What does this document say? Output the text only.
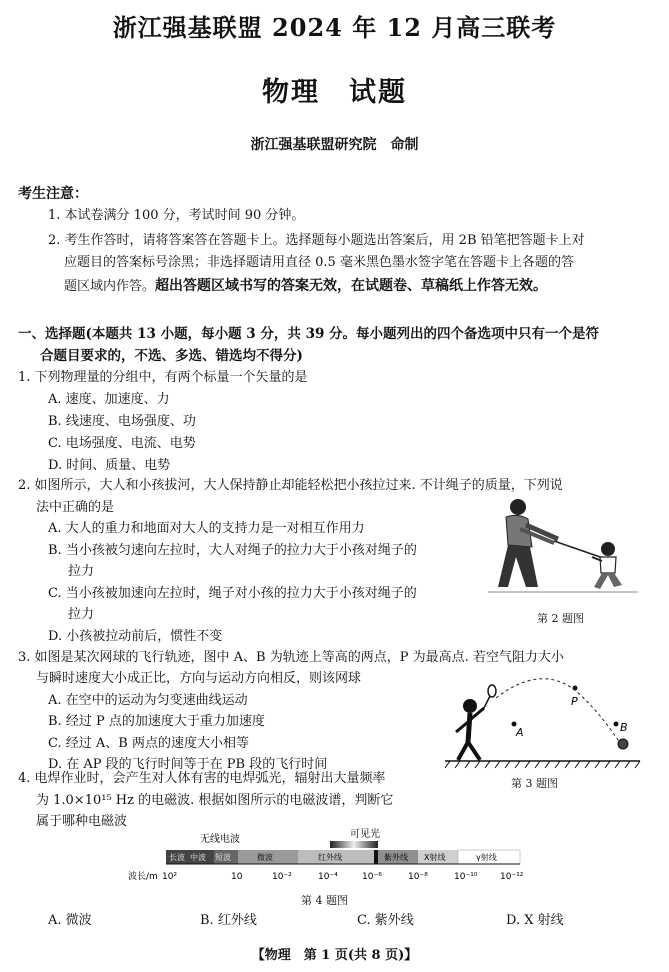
浙江强基联盟 2024 年 12 月高三联考
物理　试题
浙江强基联盟研究院　命制
考生注意：
1. 本试卷满分 100 分，考试时间 90 分钟。
2. 考生作答时，请将答案答在答题卡上。选择题每小题选出答案后，用 2B 铅笔把答题卡上对
应题目的答案标号涂黑；非选择题请用直径 0.5 毫米黑色墨水签字笔在答题卡上各题的答
题区域内作答。超出答题区域书写的答案无效，在试题卷、草稿纸上作答无效。
一、选择题(本题共 13 小题，每小题 3 分，共 39 分。每小题列出的四个备选项中只有一个是符
合题目要求的，不选、多选、错选均不得分)
1. 下列物理量的分组中，有两个标量一个矢量的是
A. 速度、加速度、力
B. 线速度、电场强度、功
C. 电场强度、电流、电势
D. 时间、质量、电势
2. 如图所示，大人和小孩拔河，大人保持静止却能轻松把小孩拉过来. 不计绳子的质量，下列说
法中正确的是
A. 大人的重力和地面对大人的支持力是一对相互作用力
B. 当小孩被匀速向左拉时，大人对绳子的拉力大于小孩对绳子的
拉力
C. 当小孩被加速向左拉时，绳子对小孩的拉力大于小孩对绳子的
拉力
D. 小孩被拉动前后，惯性不变
第 2 题图
3. 如图是某次网球的飞行轨迹，图中 A、B 为轨迹上等高的两点，P 为最高点. 若空气阻力大小
与瞬时速度大小成正比，方向与运动方向相反，则该网球
A. 在空中的运动为匀变速曲线运动
B. 经过 P 点的加速度大于重力加速度
C. 经过 A、B 两点的速度大小相等
D. 在 AP 段的飞行时间等于在 PB 段的飞行时间
A
P
B
第 3 题图
4. 电焊作业时，会产生对人体有害的电焊弧光，辐射出大量频率
为 1.0×10¹⁵ Hz 的电磁波. 根据如图所示的电磁波谱，判断它
属于哪种电磁波
无线电波	可见光
长波 中波 短波	微波	红外线	紫外线 X射线	γ射线
波长/m 10²	10	10⁻²	10⁻⁴	10⁻⁶	10⁻⁸	10⁻¹⁰	10⁻¹²
第 4 题图
A. 微波	B. 红外线	C. 紫外线	D. X 射线
【物理　第 1 页(共 8 页)】
